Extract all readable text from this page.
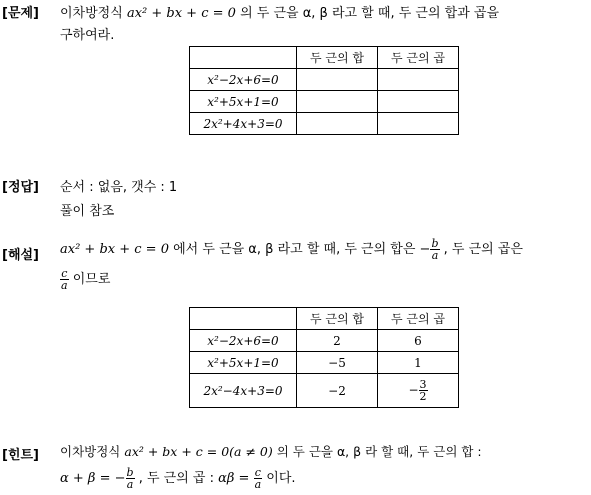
[문제] 이차방정식 ax² + bx + c = 0 의 두 근을 α, β 라고 할 때, 두 근의 합과 곱을
구하여라.
	두 근의 합	두 근의 곱
x²−2x+6=0		
x²+5x+1=0		
2x²+4x+3=0		
[정답] 순서 : 없음, 갯수 : 1
풀이 참조
[해설] ax² + bx + c = 0 에서 두 근을 α, β 라고 할 때, 두 근의 합은 − $\frac{b}{a}$ , 두 근의 곱은
$\frac{c}{a}$ 이므로
	두 근의 합	두 근의 곱
x²−2x+6=0	2	6
x²+5x+1=0	−5	1
2x²−4x+3=0	−2	− $\frac{3}{2}$
[힌트] 이차방정식 ax² + bx + c = 0(a ≠ 0) 의 두 근을 α, β 라 할 때, 두 근의 합 :
α + β = − $\frac{b}{a}$ , 두 근의 곱 : $\alpha\beta = \frac{c}{a}$ 이다.
